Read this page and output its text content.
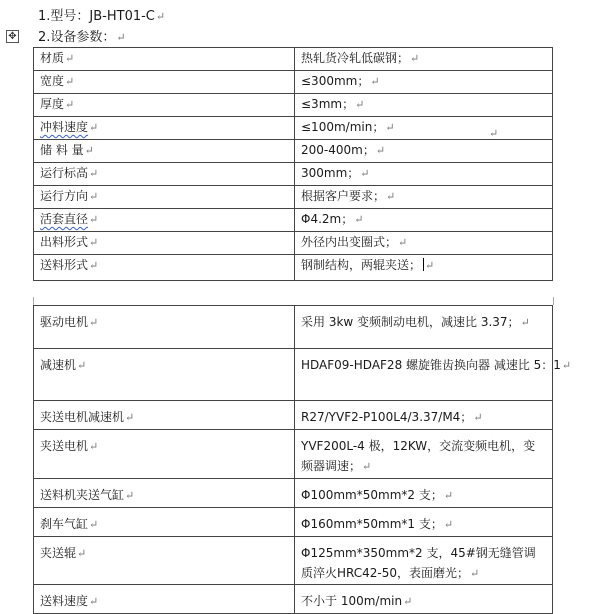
1.型号：JB-HT01-C↵
✥ 2.设备参数：↵
材质↵	热轧货冷轧低碳钢；↵
宽度↵	≤300mm；↵
厚度↵	≤3mm；↵
冲料速度↵	≤100m/min；↵
储 料 量↵	200-400m；↵
运行标高↵	300mm；↵
运行方向↵	根据客户要求；↵
活套直径↵	Φ4.2m；↵
出料形式↵	外径内出变圈式；↵
送料形式↵	钢制结构，两辊夹送； ↵
↵
驱动电机↵	采用 3kw 变频制动电机，减速比 3.37；↵
减速机↵	HDAF09-HDAF28 螺旋锥齿换向器 减速比 5：1↵
夹送电机减速机↵	R27/YVF2-P100L4/3.37/M4；↵
夹送电机↵	YVF200L-4 极，12KW，交流变频电机，变频器调速；↵
送料机夹送气缸↵	Φ100mm*50mm*2 支；↵
刹车气缸↵	Φ160mm*50mm*1 支；↵
夹送辊↵	Φ125mm*350mm*2 支，45#钢无缝管调质淬火HRC42-50，表面磨光；↵
送料速度↵	不小于 100m/min↵
